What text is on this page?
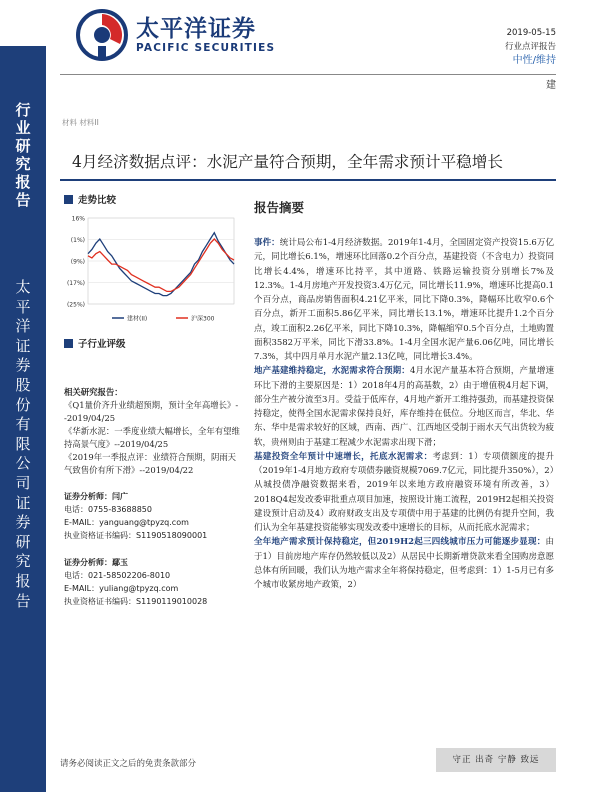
行业研究报告
太平洋证券股份有限公司证券研究报告
太平洋证券
PACIFIC SECURITIES
2019-05-15
行业点评报告
中性/维持
建
材料 材料II
4月经济数据点评：水泥产量符合预期，全年需求预计平稳增长
走势比较
16%
(1%)
(9%)
(17%)
(25%)
建材(II)	沪深300
子行业评级
相关研究报告：
《Q1量价齐升业绩超预期，预计全年高增长》--2019/04/25
《华新水泥：一季度业绩大幅增长，全年有望维持高景气度》--2019/04/25
《2019年一季报点评：业绩符合预期，阴雨天气致售价有所下滑》--2019/04/22
证券分析师：闫广
电话：0755-83688850
E-MAIL：yanguang@tpyzq.com
执业资格证书编码：S1190518090001
证券分析师：鄢玉
电话：021-58502206-8010
E-MAIL：yuliang@tpyzq.com
执业资格证书编码：S1190119010028
报告摘要

事件：统计局公布1-4月经济数据。2019年1-4月，全国固定资产投资15.6万亿元，同比增长6.1%，增速环比回落0.2个百分点，基建投资（不含电力）投资同比增长4.4%，增速环比持平，其中道路、铁路运输投资分别增长7%及12.3%。1-4月房地产开发投资3.4万亿元，同比增长11.9%，增速环比提高0.1个百分点，商品房销售面积4.21亿平米，同比下降0.3%，降幅环比收窄0.6个百分点，新开工面积5.86亿平米，同比增长13.1%，增速环比提升1.2个百分点，竣工面积2.26亿平米，同比下降10.3%，降幅缩窄0.5个百分点，土地购置面积3582万平米，同比下滑33.8%。1-4月全国水泥产量6.06亿吨，同比增长7.3%，其中四月单月水泥产量2.13亿吨，同比增长3.4%。

地产基建维持稳定，水泥需求符合预期：4月水泥产量基本符合预期，产量增速环比下滑的主要原因是：1）2018年4月的高基数，2）由于增值税4月起下调，部分生产被分流至3月。受益于低库存，4月地产新开工维持强劲，而基建投资保持稳定，使得全国水泥需求保持良好，库存维持在低位。分地区而言，华北、华东、华中是需求较好的区域，西南、西广、江西地区受制于雨水天气出货较为疲软，贵州则由于基建工程减少水泥需求出现下滑；

基建投资全年预计中速增长，托底水泥需求：考虑到：1）专项债额度的提升（2019年1-4月地方政府专项债券融资规模7069.7亿元，同比提升350%），2）从城投债净融资数据来看，2019年以来地方政府融资环境有所改善，3）2018Q4起发改委审批重点项目加速，按照设计施工流程，2019H2起相关投资建设预计启动及4）政府财政支出及专项债中用于基建的比例仍有提升空间，我们认为全年基建投资能够实现发改委中速增长的目标，从而托底水泥需求；

全年地产需求预计保持稳定，但2019H2起三四线城市压力可能逐步显现：由于1）目前房地产库存仍然较低以及2）从居民中长期新增贷款来看全国购房意愿总体有所回暖，我们认为地产需求全年将保持稳定，但考虑到：1）1-5月已有多个城市收紧房地产政策，2）

请务必阅读正文之后的免责条款部分	守正 出奇 宁静 致远
